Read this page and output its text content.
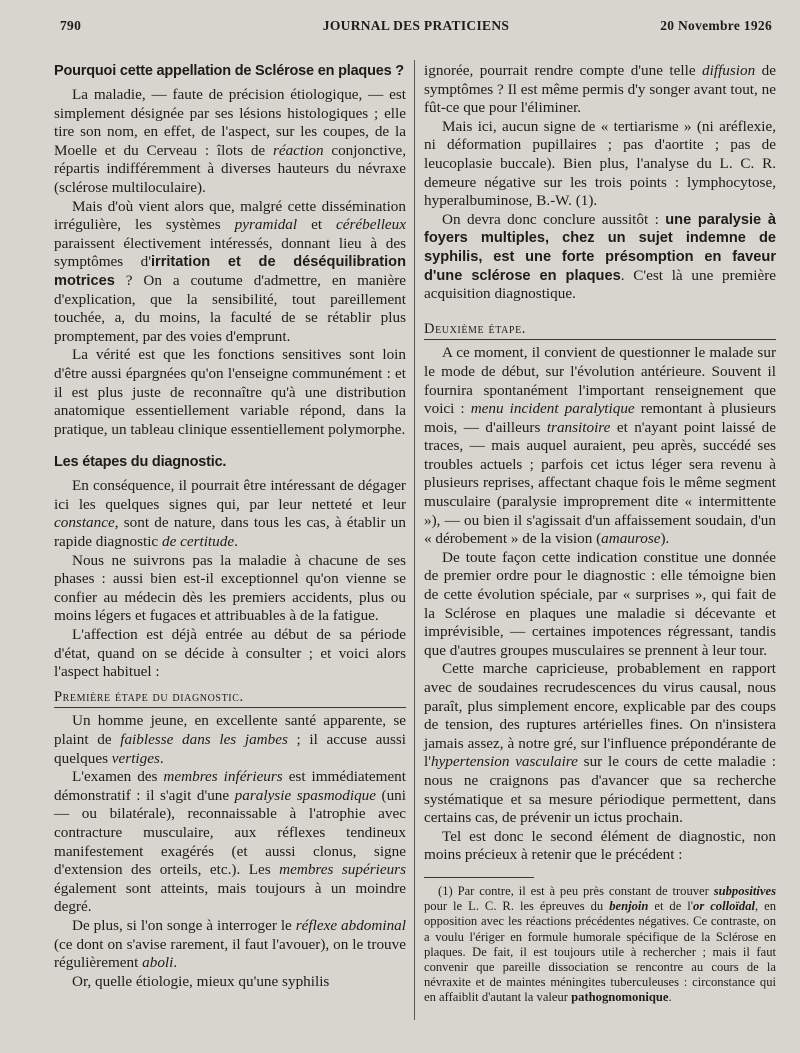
790	JOURNAL DES PRATICIENS	20 Novembre 1926
Pourquoi cette appellation de Sclérose en plaques ?

La maladie, — faute de précision étiologique, — est simplement désignée par ses lésions histologiques ; elle tire son nom, en effet, de l'aspect, sur les coupes, de la Moelle et du Cerveau : îlots de réaction conjonctive, répartis indifféremment à diverses hauteurs du névraxe (sclérose multiloculaire).

Mais d'où vient alors que, malgré cette dissémination irrégulière, les systèmes pyramidal et cérébelleux paraissent électivement intéressés, donnant lieu à des symptômes d'irritation et de déséquilibration motrices ? On a coutume d'admettre, en manière d'explication, que la sensibilité, tout pareillement touchée, a, du moins, la faculté de se rétablir plus promptement, par des voies d'emprunt.

La vérité est que les fonctions sensitives sont loin d'être aussi épargnées qu'on l'enseigne communément : et il est plus juste de reconnaître qu'à une distribution anatomique essentiellement variable répond, dans la pratique, un tableau clinique essentiellement polymorphe.

Les étapes du diagnostic.

En conséquence, il pourrait être intéressant de dégager ici les quelques signes qui, par leur netteté et leur constance, sont de nature, dans tous les cas, à établir un rapide diagnostic de certitude.

Nous ne suivrons pas la maladie à chacune de ses phases : aussi bien est-il exceptionnel qu'on vienne se confier au médecin dès les premiers accidents, plus ou moins légers et fugaces et attribuables à de la fatigue.

L'affection est déjà entrée au début de sa période d'état, quand on se décide à consulter ; et voici alors l'aspect habituel :

Première étape du diagnostic.

Un homme jeune, en excellente santé apparente, se plaint de faiblesse dans les jambes ; il accuse aussi quelques vertiges.

L'examen des membres inférieurs est immédiatement démonstratif : il s'agit d'une paralysie spasmodique (uni — ou bilatérale), reconnaissable à l'atrophie avec contracture musculaire, aux réflexes tendineux manifestement exagérés (et aussi clonus, signe d'extension des orteils, etc.). Les membres supérieurs également sont atteints, mais toujours à un moindre degré.

De plus, si l'on songe à interroger le réflexe abdominal (ce dont on s'avise rarement, il faut l'avouer), on le trouve régulièrement aboli.

Or, quelle étiologie, mieux qu'une syphilis

ignorée, pourrait rendre compte d'une telle diffusion de symptômes ? Il est même permis d'y songer avant tout, ne fût-ce que pour l'éliminer.

Mais ici, aucun signe de « tertiarisme » (ni aréflexie, ni déformation pupillaires ; pas d'aortite ; pas de leucoplasie buccale). Bien plus, l'analyse du L. C. R. demeure négative sur les trois points : lymphocytose, hyperalbuminose, B.-W. (1).

On devra donc conclure aussitôt : une paralysie à foyers multiples, chez un sujet indemne de syphilis, est une forte présomption en faveur d'une sclérose en plaques. C'est là une première acquisition diagnostique.

Deuxième étape.

A ce moment, il convient de questionner le malade sur le mode de début, sur l'évolution antérieure. Souvent il fournira spontanément l'important renseignement que voici : menu incident paralytique remontant à plusieurs mois, — d'ailleurs transitoire et n'ayant point laissé de traces, — mais auquel auraient, peu après, succédé ses troubles actuels ; parfois cet ictus léger sera revenu à plusieurs reprises, affectant chaque fois le même segment musculaire (paralysie improprement dite « intermittente »), — ou bien il s'agissait d'un affaissement soudain, d'un « dérobement » de la vision (amaurose).

De toute façon cette indication constitue une donnée de premier ordre pour le diagnostic : elle témoigne bien de cette évolution spéciale, par « surprises », qui fait de la Sclérose en plaques une maladie si décevante et imprévisible, — certaines impotences régressant, tandis que d'autres groupes musculaires se prennent à leur tour.

Cette marche capricieuse, probablement en rapport avec de soudaines recrudescences du virus causal, nous paraît, plus simplement encore, explicable par des coups de tension, des ruptures artérielles fines. On n'insistera jamais assez, à notre gré, sur l'influence prépondérante de l'hypertension vasculaire sur le cours de cette maladie : nous ne craignons pas d'avancer que sa recherche systématique et sa mesure périodique permettent, dans certains cas, de prévenir un ictus prochain.

Tel est donc le second élément de diagnostic, non moins précieux à retenir que le précédent :

(1) Par contre, il est à peu près constant de trouver subpositives pour le L. C. R. les épreuves du benjoin et de l'or colloïdal, en opposition avec les réactions précédentes négatives. Ce contraste, on a voulu l'ériger en formule humorale spécifique de la Sclérose en plaques. De fait, il est toujours utile à rechercher ; mais il faut convenir que pareille dissociation se rencontre au cours de la névraxite et de maintes méningites tuberculeuses : circonstance qui en affaiblit d'autant la valeur pathognomonique.
